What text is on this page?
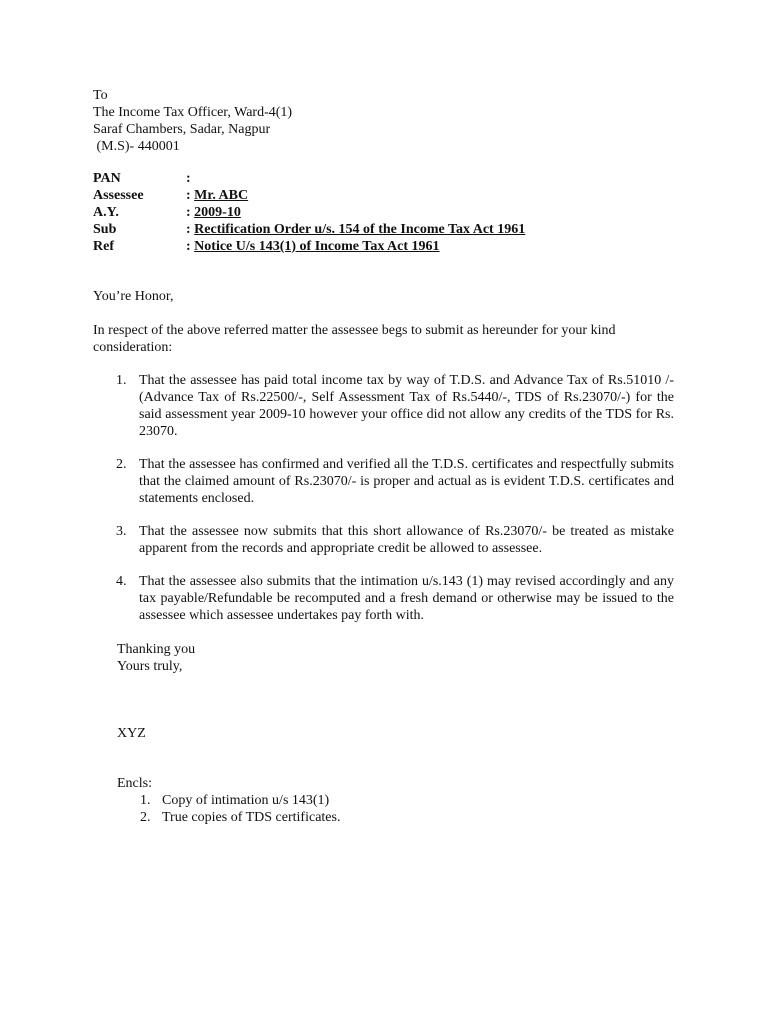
To
The Income Tax Officer, Ward-4(1)
Saraf Chambers, Sadar, Nagpur
(M.S)- 440001
PAN	:
Assessee	: Mr. ABC
A.Y.	: 2009-10
Sub	: Rectification Order u/s. 154 of the Income Tax Act 1961
Ref	: Notice U/s 143(1) of Income Tax Act 1961
You’re Honor,

In respect of the above referred matter the assessee begs to submit as hereunder for your kind consideration:

1. That the assessee has paid total income tax by way of T.D.S. and Advance Tax of Rs.51010 /- (Advance Tax of Rs.22500/-, Self Assessment Tax of Rs.5440/-, TDS of Rs.23070/-) for the said assessment year 2009-10 however your office did not allow any credits of the TDS for Rs. 23070.
2. That the assessee has confirmed and verified all the T.D.S. certificates and respectfully submits that the claimed amount of Rs.23070/- is proper and actual as is evident T.D.S. certificates and statements enclosed.
3. That the assessee now submits that this short allowance of Rs.23070/- be treated as mistake apparent from the records and appropriate credit be allowed to assessee.
4. That the assessee also submits that the intimation u/s.143 (1) may revised accordingly and any tax payable/Refundable be recomputed and a fresh demand or otherwise may be issued to the assessee which assessee undertakes pay forth with.
Thanking you
Yours truly,
XYZ
Encls:
1. Copy of intimation u/s 143(1)
2. True copies of TDS certificates.
